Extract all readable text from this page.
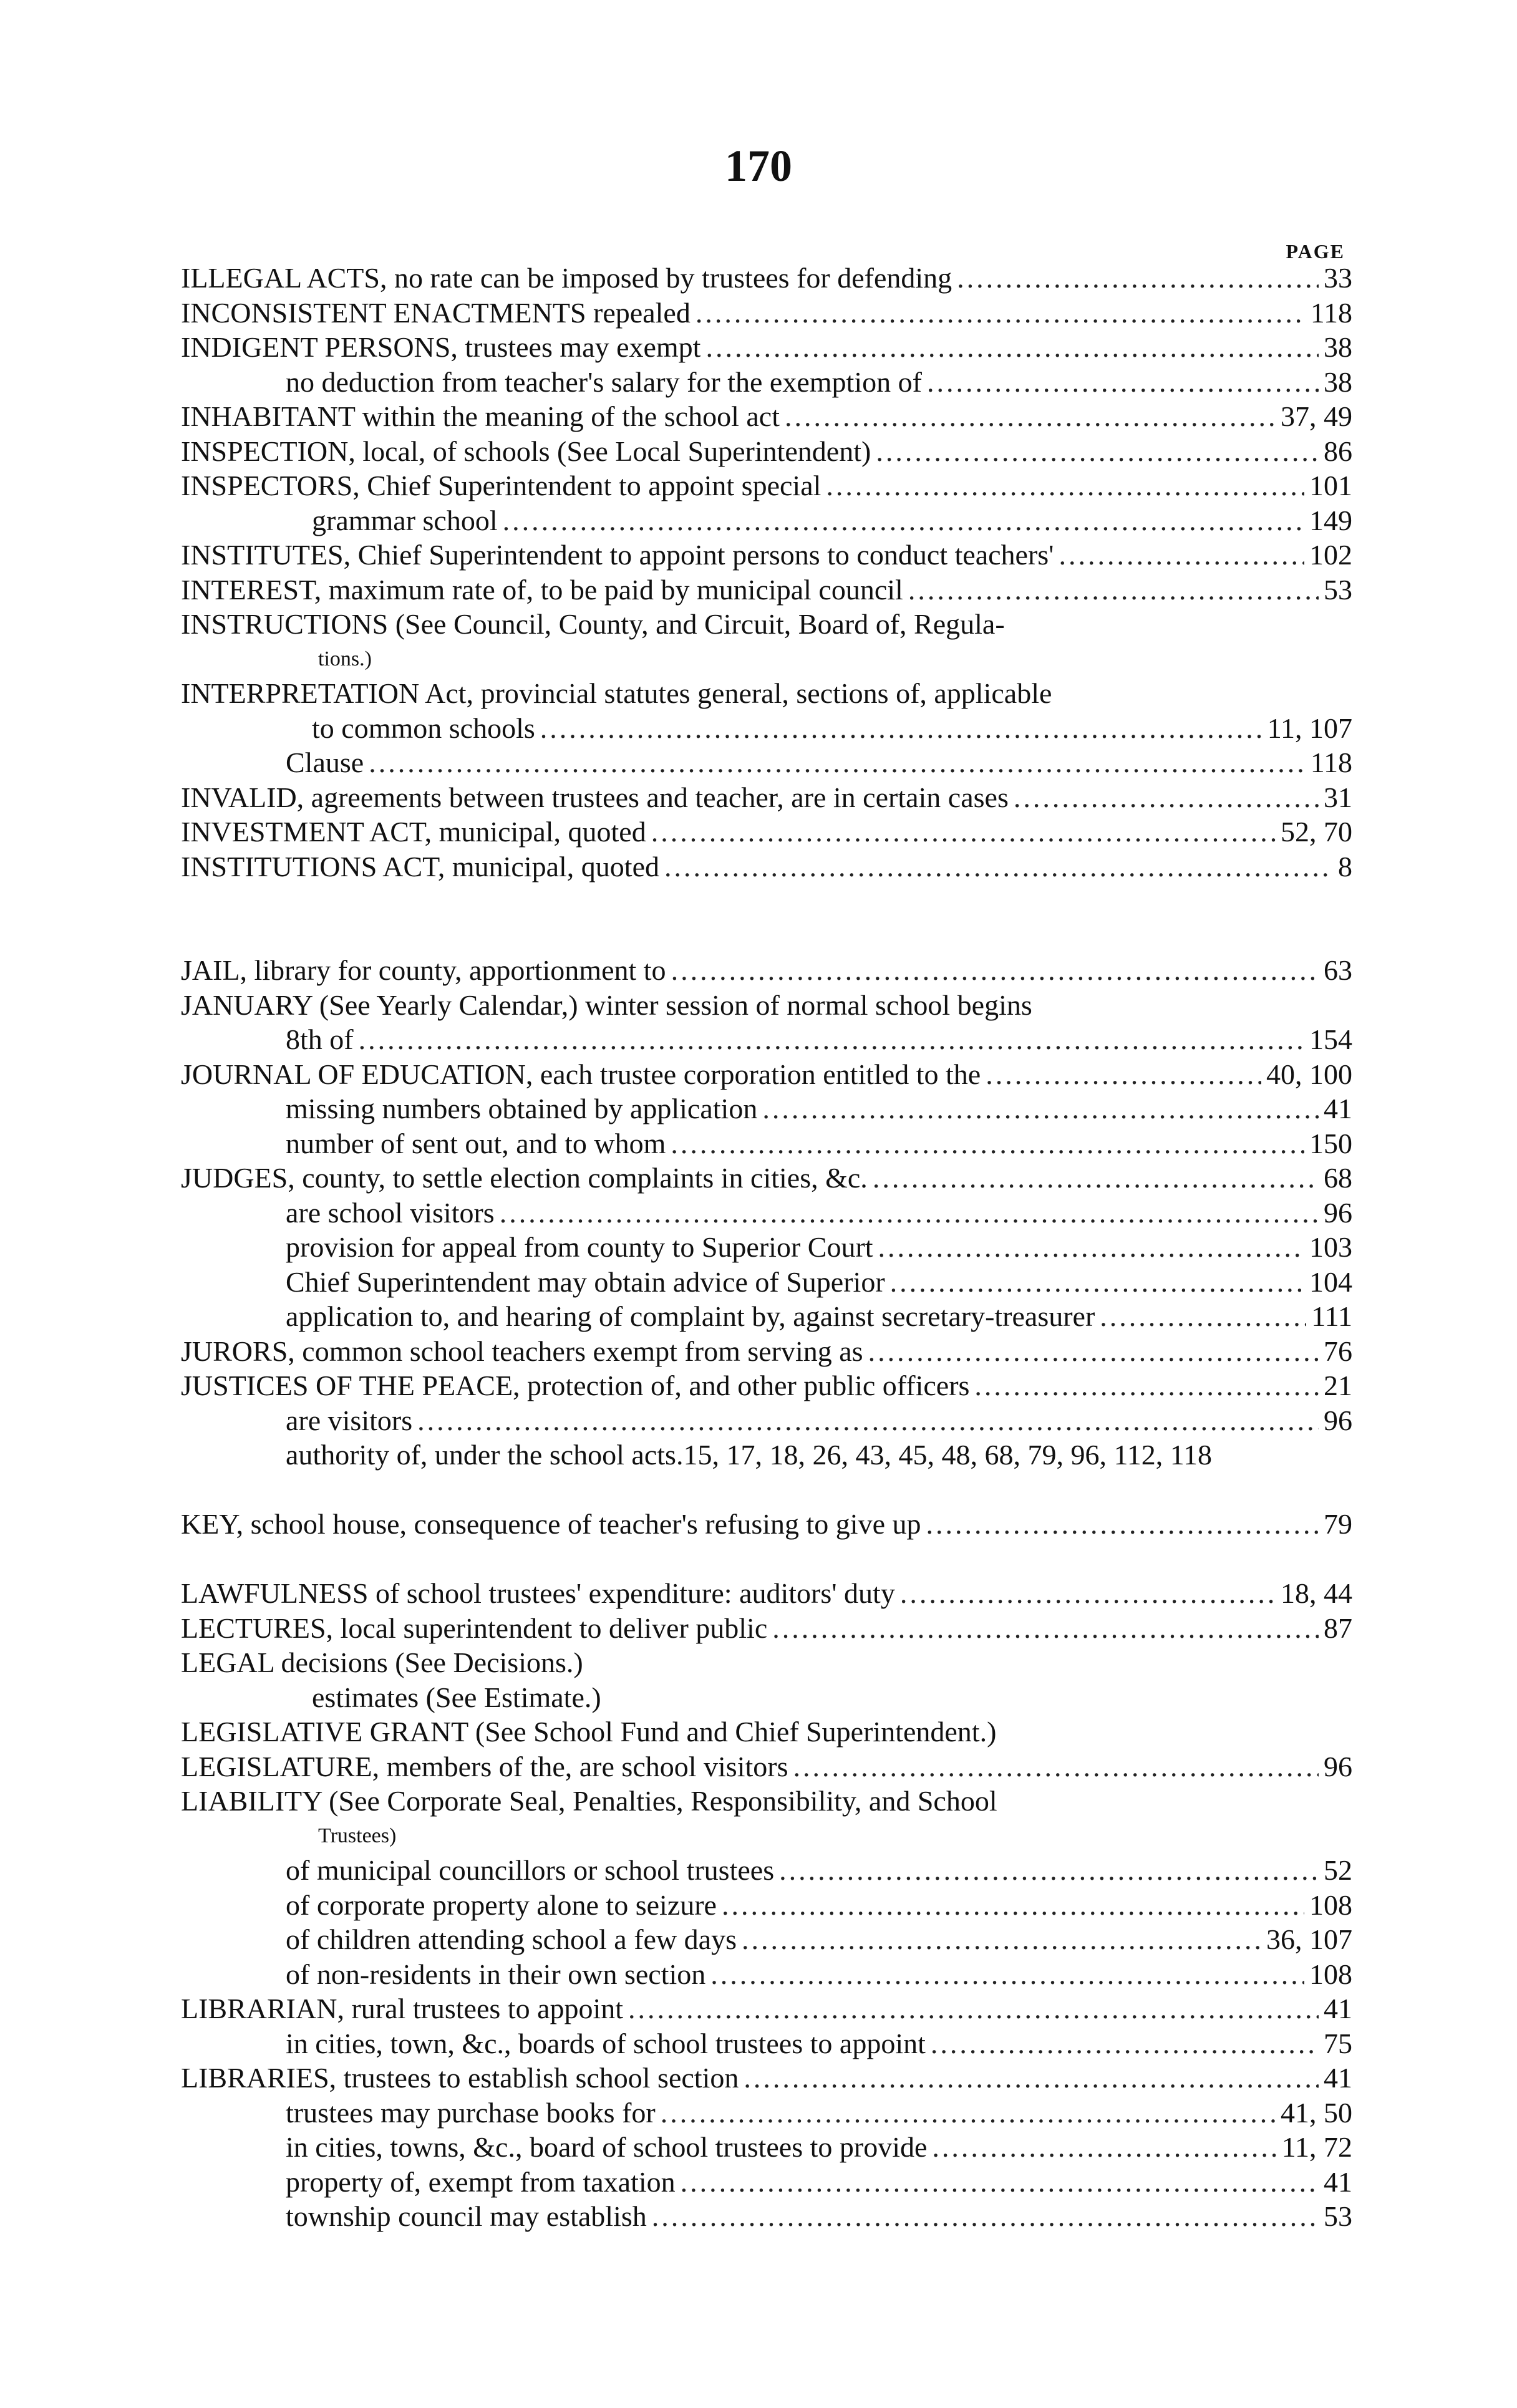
170
PAGE
ILLEGAL ACTS, no rate can be imposed by trustees for defending .....	33
INCONSISTENT ENACTMENTS repealed .....	118
INDIGENT PERSONS, trustees may exempt .....	38
no deduction from teacher's salary for the exemption of .....	38
INHABITANT within the meaning of the school act .....	37, 49
INSPECTION, local, of schools (See Local Superintendent) .....	86
INSPECTORS, Chief Superintendent to appoint special .....	101
grammar school .....	149
INSTITUTES, Chief Superintendent to appoint persons to conduct teachers' .....	102
INTEREST, maximum rate of, to be paid by municipal council .....	53
INSTRUCTIONS (See Council, County, and Circuit, Board of, Regula-
tions.)
INTERPRETATION Act, provincial statutes general, sections of, applicable
to common schools .....	11, 107
Clause .....	118
INVALID, agreements between trustees and teacher, are in certain cases .....	31
INVESTMENT ACT, municipal, quoted .....	52, 70
INSTITUTIONS ACT, municipal, quoted .....	8
JAIL, library for county, apportionment to .....	63
JANUARY (See Yearly Calendar,) winter session of normal school begins
8th of .....	154
JOURNAL OF EDUCATION, each trustee corporation entitled to the .....	40, 100
missing numbers obtained by application .....	41
number of sent out, and to whom .....	150
JUDGES, county, to settle election complaints in cities, &c. .....	68
are school visitors .....	96
provision for appeal from county to Superior Court .....	103
Chief Superintendent may obtain advice of Superior .....	104
application to, and hearing of complaint by, against secretary-treasurer .....	111
JURORS, common school teachers exempt from serving as .....	76
JUSTICES OF THE PEACE, protection of, and other public officers .....	21
are visitors .....	96
authority of, under the school acts.15, 17, 18, 26, 43, 45, 48, 68, 79, 96, 112, 118
KEY, school house, consequence of teacher's refusing to give up .....	79
LAWFULNESS of school trustees' expenditure: auditors' duty .....	18, 44
LECTURES, local superintendent to deliver public .....	87
LEGAL decisions (See Decisions.)
estimates (See Estimate.)
LEGISLATIVE GRANT (See School Fund and Chief Superintendent.)
LEGISLATURE, members of the, are school visitors .....	96
LIABILITY (See Corporate Seal, Penalties, Responsibility, and School
Trustees)
of municipal councillors or school trustees .....	52
of corporate property alone to seizure .....	108
of children attending school a few days .....	36, 107
of non-residents in their own section .....	108
LIBRARIAN, rural trustees to appoint .....	41
in cities, town, &c., boards of school trustees to appoint .....	75
LIBRARIES, trustees to establish school section .....	41
trustees may purchase books for .....	41, 50
in cities, towns, &c., board of school trustees to provide .....	11, 72
property of, exempt from taxation .....	41
township council may establish .....	53
